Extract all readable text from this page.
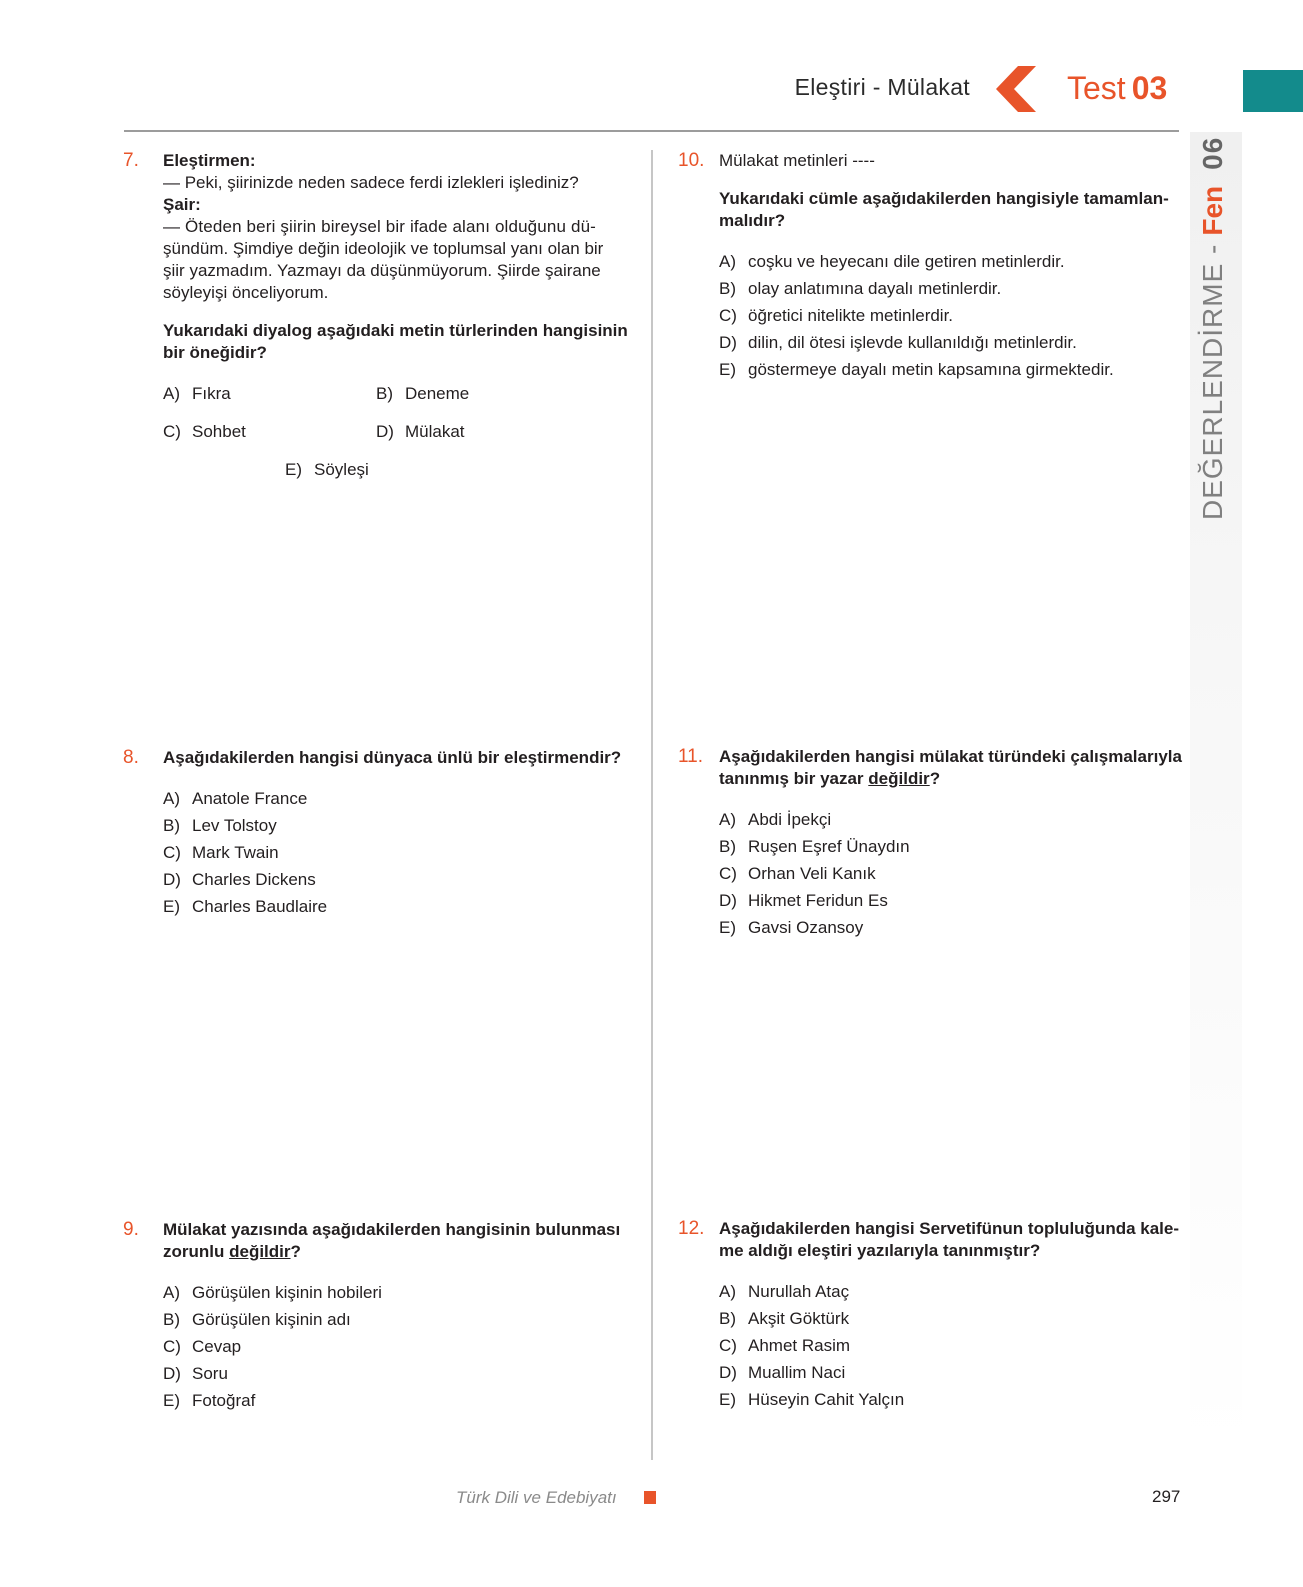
Eleştiri - Mülakat	Test 03
DEĞERLENDİRME -
Fen
06
7. Eleştirmen:

— Peki, şiirinizde neden sadece ferdi izlekleri işlediniz?

Şair:

— Öteden beri şiirin bireysel bir ifade alanı olduğunu dü-

şündüm. Şimdiye değin ideolojik ve toplumsal yanı olan bir

şiir yazmadım. Yazmayı da düşünmüyorum. Şiirde şairane

söyleyişi önceliyorum.

Yukarıdaki diyalog aşağıdaki metin türlerinden hangisinin

bir öneğidir?

A) Fıkra	B) Deneme
C) Sohbet	D) Mülakat
E) Söyleşi
8. Aşağıdakilerden hangisi dünyaca ünlü bir eleştirmendir?

A) Anatole France
B) Lev Tolstoy
C) Mark Twain
D) Charles Dickens
E) Charles Baudlaire
9. Mülakat yazısında aşağıdakilerden hangisinin bulunması

zorunlu değildir?

A) Görüşülen kişinin hobileri
B) Görüşülen kişinin adı
C) Cevap
D) Soru
E) Fotoğraf
10. Mülakat metinleri ----

Yukarıdaki cümle aşağıdakilerden hangisiyle tamamlan-

malıdır?

A) coşku ve heyecanı dile getiren metinlerdir.
B) olay anlatımına dayalı metinlerdir.
C) öğretici nitelikte metinlerdir.
D) dilin, dil ötesi işlevde kullanıldığı metinlerdir.
E) göstermeye dayalı metin kapsamına girmektedir.
11. Aşağıdakilerden hangisi mülakat türündeki çalışmalarıyla

tanınmış bir yazar değildir?

A) Abdi İpekçi
B) Ruşen Eşref Ünaydın
C) Orhan Veli Kanık
D) Hikmet Feridun Es
E) Gavsi Ozansoy
12. Aşağıdakilerden hangisi Servetifünun topluluğunda kale-

me aldığı eleştiri yazılarıyla tanınmıştır?

A) Nurullah Ataç
B) Akşit Göktürk
C) Ahmet Rasim
D) Muallim Naci
E) Hüseyin Cahit Yalçın
Türk Dili ve Edebiyatı	297
